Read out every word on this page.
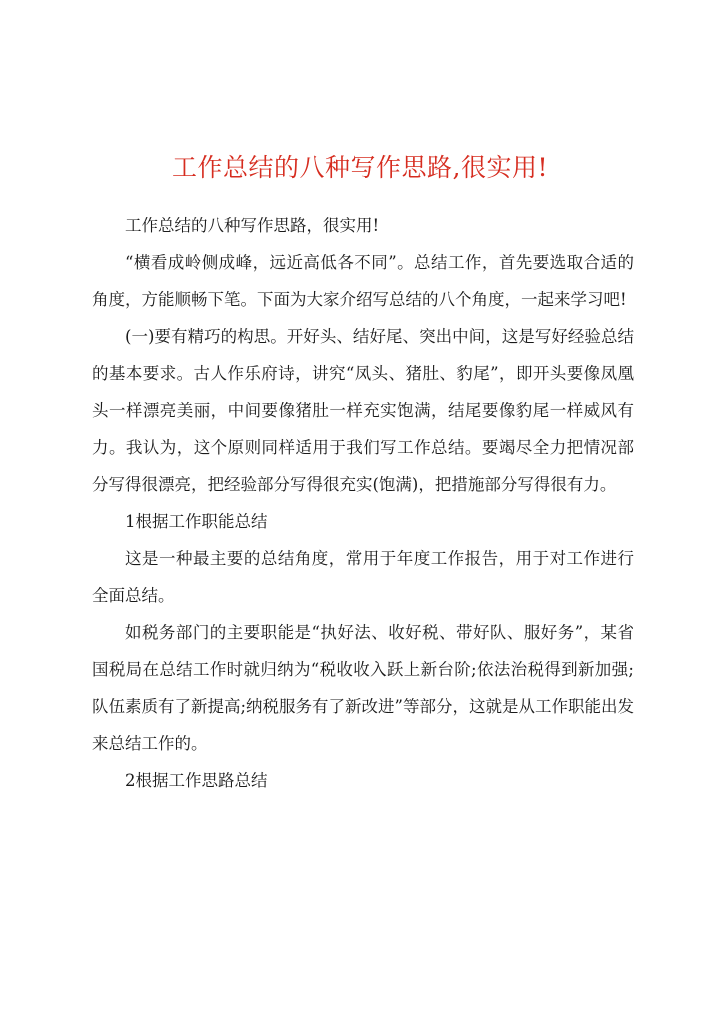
工作总结的八种写作思路,很实用!

工作总结的八种写作思路，很实用!

“横看成岭侧成峰，远近高低各不同”。总结工作，首先要选取合适的角度，方能顺畅下笔。下面为大家介绍写总结的八个角度，一起来学习吧!

(一)要有精巧的构思。开好头、结好尾、突出中间，这是写好经验总结的基本要求。古人作乐府诗，讲究“凤头、猪肚、豹尾”，即开头要像凤凰头一样漂亮美丽，中间要像猪肚一样充实饱满，结尾要像豹尾一样威风有力。我认为，这个原则同样适用于我们写工作总结。要竭尽全力把情况部分写得很漂亮，把经验部分写得很充实(饱满)，把措施部分写得很有力。

1根据工作职能总结

这是一种最主要的总结角度，常用于年度工作报告，用于对工作进行全面总结。

如税务部门的主要职能是“执好法、收好税、带好队、服好务”，某省国税局在总结工作时就归纳为“税收收入跃上新台阶;依法治税得到新加强;队伍素质有了新提高;纳税服务有了新改进”等部分，这就是从工作职能出发来总结工作的。

2根据工作思路总结
